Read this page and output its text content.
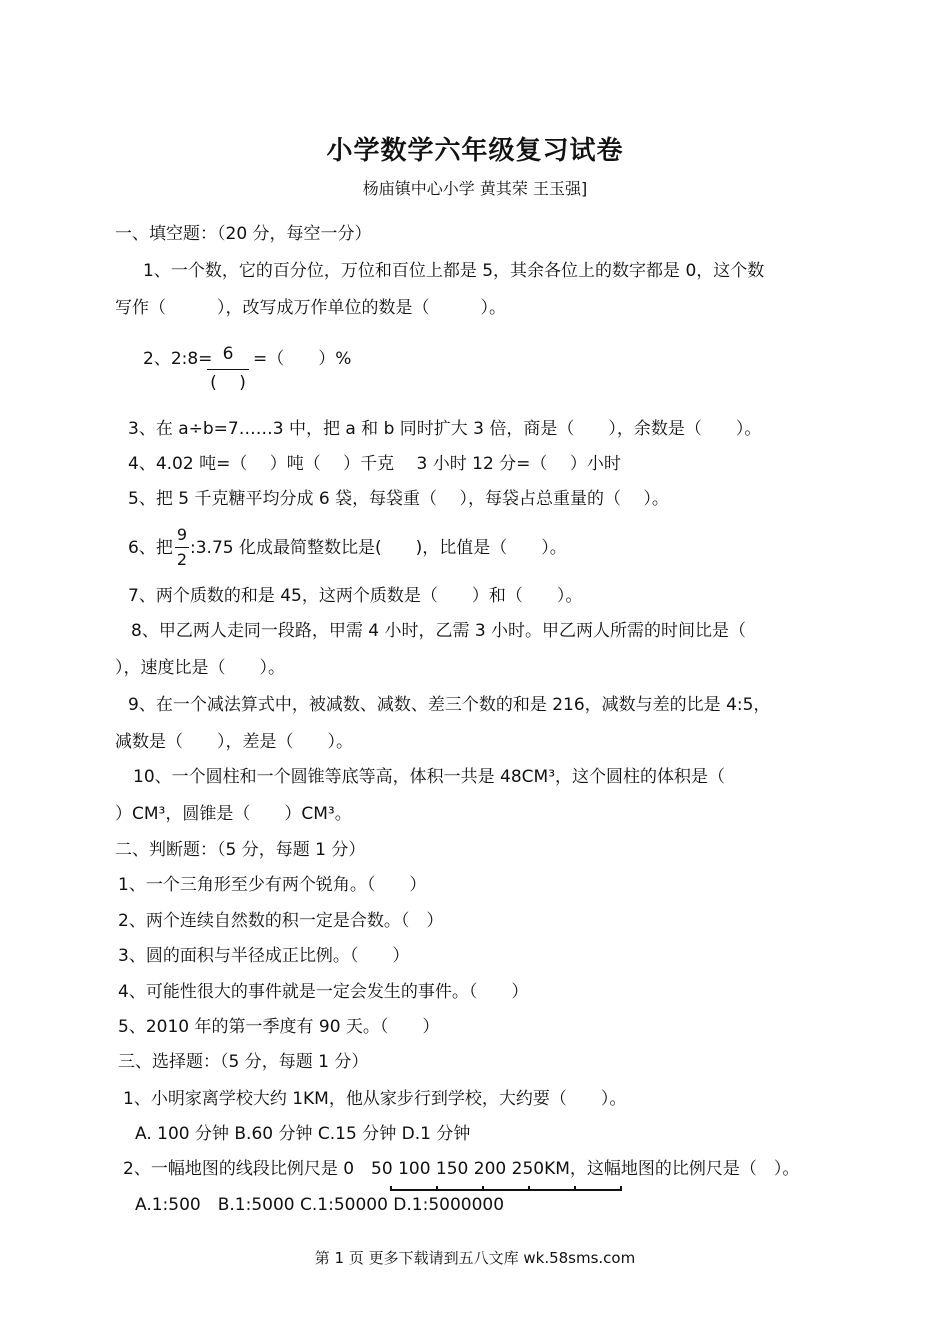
小学数学六年级复习试卷
杨庙镇中心小学 黄其荣 王玉强]
一、填空题：（20 分，每空一分）
1、一个数，它的百分位，万位和百位上都是 5，其余各位上的数字都是 0，这个数
写作（　　　），改写成万作单位的数是（　　　）。
2、2:8= 6
(　 )
=（　　）%
3、在 a÷b=7……3 中，把 a 和 b 同时扩大 3 倍，商是（　　），余数是（　　）。
4、4.02 吨=（　 ）吨（　 ）千克　 3 小时 12 分=（　 ）小时
5、把 5 千克糖平均分成 6 袋，每袋重（　 ），每袋占总重量的（　 ）。
6、把
9
2
:3.75 化成最简整数比是(　　)，比值是（　　）。
7、两个质数的和是 45，这两个质数是（　　）和（　　）。
8、甲乙两人走同一段路，甲需 4 小时，乙需 3 小时。甲乙两人所需的时间比是（
），速度比是（　　）。
9、在一个减法算式中，被减数、减数、差三个数的和是 216，减数与差的比是 4:5，
减数是（　　），差是（　　）。
10、一个圆柱和一个圆锥等底等高，体积一共是 48CM³，这个圆柱的体积是（
）CM³，圆锥是（　　）CM³。
二、判断题：（5 分，每题 1 分）
1、一个三角形至少有两个锐角。（　　）
2、两个连续自然数的积一定是合数。（　）
3、圆的面积与半径成正比例。（　　）
4、可能性很大的事件就是一定会发生的事件。（　　）
5、2010 年的第一季度有 90 天。（　　）
三、选择题：（5 分，每题 1 分）
1、小明家离学校大约 1KM，他从家步行到学校，大约要（　　）。
A. 100 分钟 B.60 分钟 C.15 分钟 D.1 分钟
2、一幅地图的线段比例尺是 0　50 100 150 200 250KM，这幅地图的比例尺是（　）。
A.1:500　B.1:5000 C.1:50000 D.1:5000000
第 1 页 更多下载请到五八文库 wk.58sms.com
